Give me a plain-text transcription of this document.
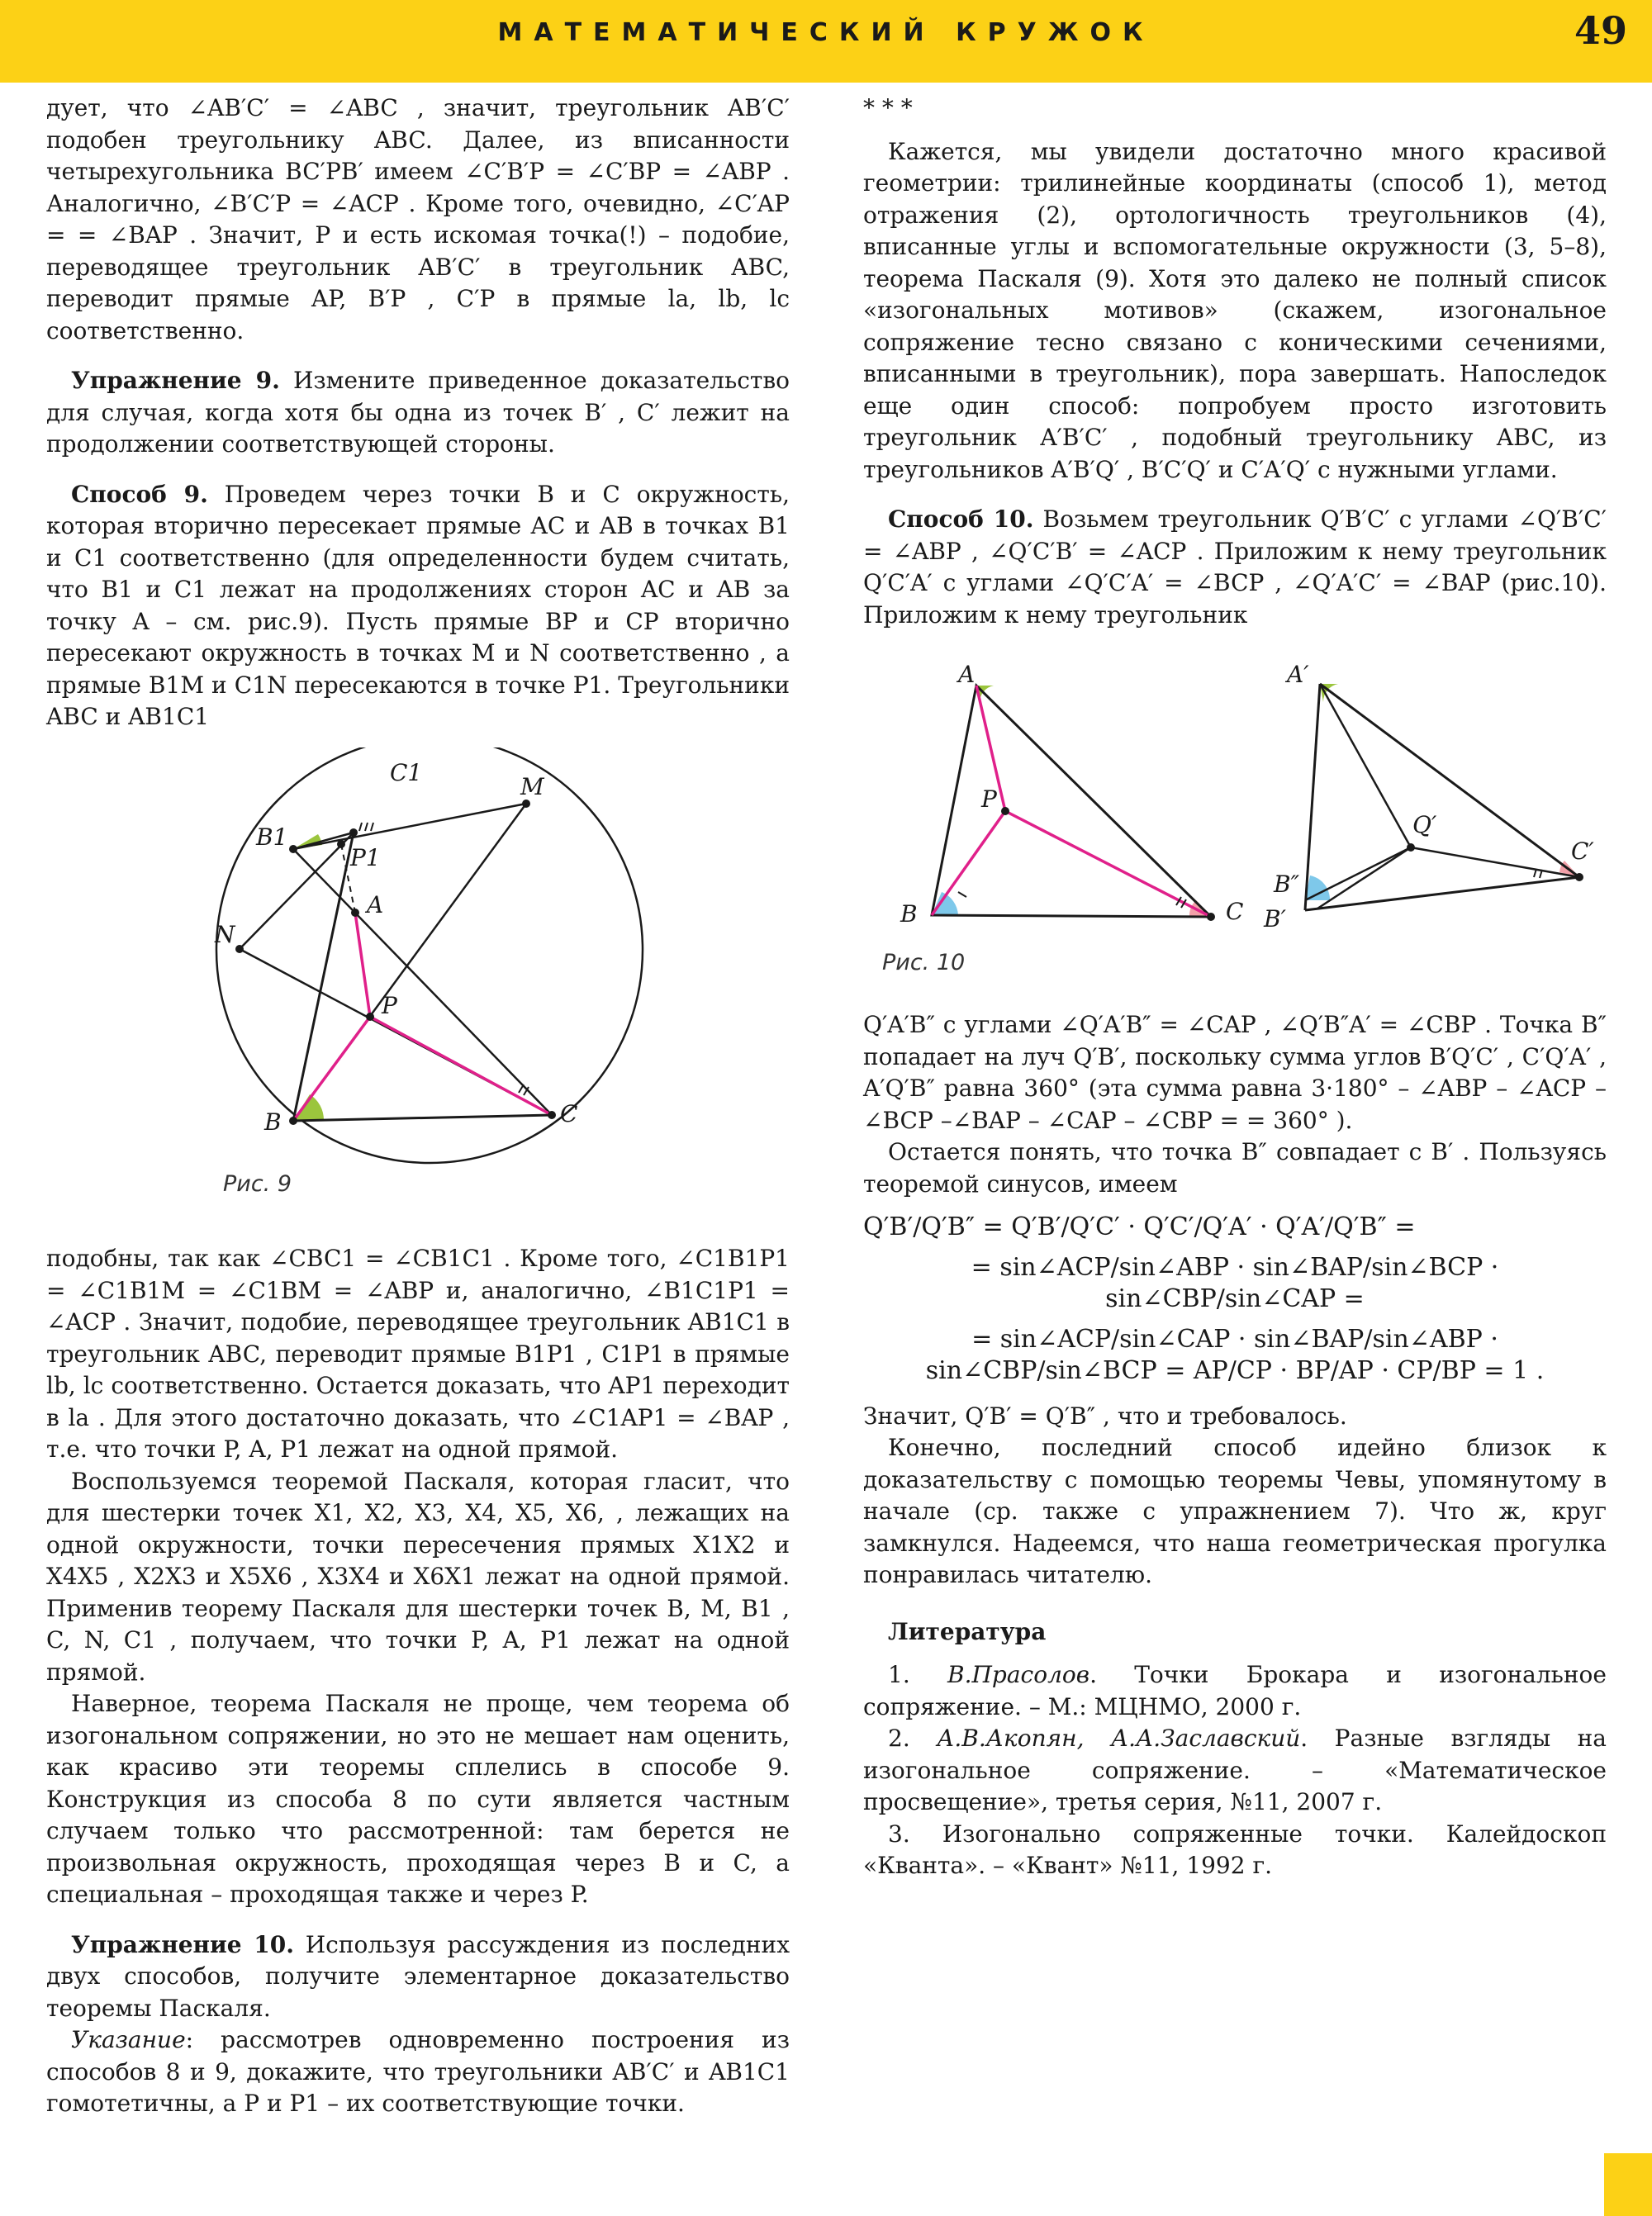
МАТЕМАТИЧЕСКИЙ КРУЖОК	49

дует, что ∠AB′C′ = ∠ABC , значит, треугольник AB′C′ подобен треугольнику ABC. Далее, из вписанности четырехугольника BC′PB′ имеем ∠C′B′P = ∠C′BP = ∠ABP . Аналогично, ∠B′C′P = ∠ACP . Кроме того, очевидно, ∠C′AP = = ∠BAP . Значит, P и есть искомая точка(!) – подобие, переводящее треугольник AB′C′ в треугольник ABC, переводит прямые AP, B′P , C′P в прямые la, lb, lc соответственно.

Упражнение 9. Измените приведенное доказательство для случая, когда хотя бы одна из точек B′ , C′ лежит на продолжении соответствующей стороны.

Способ 9. Проведем через точки B и C окружность, которая вторично пересекает прямые AC и AB в точках B1 и C1 соответственно (для определенности будем считать, что B1 и C1 лежат на продолжениях сторон AC и AB за точку A – см. рис.9). Пусть прямые BP и CP вторично пересекают окружность в точках M и N соответственно , а прямые B1M и C1N пересекаются в точке P1. Треугольники ABC и AB1C1

C1
M
B1
P1
A
N
P
B	C
Рис. 9

подобны, так как ∠CBC1 = ∠CB1C1 . Кроме того, ∠C1B1P1 = ∠C1B1M = ∠C1BM = ∠ABP и, аналогично, ∠B1C1P1 = ∠ACP . Значит, подобие, переводящее треугольник AB1C1 в треугольник ABC, переводит прямые B1P1 , C1P1 в прямые lb, lc соответственно. Остается доказать, что AP1 переходит в la . Для этого достаточно доказать, что ∠C1AP1 = ∠BAP , т.е. что точки P, A, P1 лежат на одной прямой.

Воспользуемся теоремой Паскаля, которая гласит, что для шестерки точек X1, X2, X3, X4, X5, X6, , лежащих на одной окружности, точки пересечения прямых X1X2 и X4X5 , X2X3 и X5X6 , X3X4 и X6X1 лежат на одной прямой. Применив теорему Паскаля для шестерки точек B, M, B1 , C, N, C1 , получаем, что точки P, A, P1 лежат на одной прямой.

Наверное, теорема Паскаля не проще, чем теорема об изогональном сопряжении, но это не мешает нам оценить, как красиво эти теоремы сплелись в способе 9. Конструкция из способа 8 по сути является частным случаем только что рассмотренной: там берется не произвольная окружность, проходящая через B и C, а специальная – проходящая также и через P.

Упражнение 10. Используя рассуждения из последних двух способов, получите элементарное доказательство теоремы Паскаля.

Указание: рассмотрев одновременно построения из способов 8 и 9, докажите, что треугольники AB′C′ и AB1C1 гомотетичны, а P и P1 – их соответствующие точки.

* * *

Кажется, мы увидели достаточно много красивой геометрии: трилинейные координаты (способ 1), метод отражения (2), ортологичность треугольников (4), вписанные углы и вспомогательные окружности (3, 5–8), теорема Паскаля (9). Хотя это далеко не полный список «изогональных мотивов» (скажем, изогональное сопряжение тесно связано с коническими сечениями, вписанными в треугольник), пора завершать. Напоследок еще один способ: попробуем просто изготовить треугольник A′B′C′ , подобный треугольнику ABC, из треугольников A′B′Q′ , B′C′Q′ и C′A′Q′ с нужными углами.

Способ 10. Возьмем треугольник Q′B′C′ с углами ∠Q′B′C′ = ∠ABP , ∠Q′C′B′ = ∠ACP . Приложим к нему треугольник Q′C′A′ с углами ∠Q′C′A′ = ∠BCP , ∠Q′A′C′ = ∠BAP (рис.10). Приложим к нему треугольник

A
P
B	C
A′
Q′
C′
B″
B′
Рис. 10

Q′A′B″ с углами ∠Q′A′B″ = ∠CAP , ∠Q′B″A′ = ∠CBP . Точка B″ попадает на луч Q′B′, поскольку сумма углов B′Q′C′ , C′Q′A′ , A′Q′B″ равна 360° (эта сумма равна 3·180° – ∠ABP – ∠ACP – ∠BCP –∠BAP – ∠CAP – ∠CBP = = 360° ).

Остается понять, что точка B″ совпадает с B′ . Пользуясь теоремой синусов, имеем

Q′B′/Q′B″ = Q′B′/Q′C′ · Q′C′/Q′A′ · Q′A′/Q′B″ =

= sin∠ACP/sin∠ABP · sin∠BAP/sin∠BCP · sin∠CBP/sin∠CAP =

= sin∠ACP/sin∠CAP · sin∠BAP/sin∠ABP · sin∠CBP/sin∠BCP = AP/CP · BP/AP · CP/BP = 1 .

Значит, Q′B′ = Q′B″ , что и требовалось.

Конечно, последний способ идейно близок к доказательству с помощью теоремы Чевы, упомянутому в начале (ср. также с упражнением 7). Что ж, круг замкнулся. Надеемся, что наша геометрическая прогулка понравилась читателю.

Литература

1. В.Прасолов. Точки Брокара и изогональное сопряжение. – М.: МЦНМО, 2000 г.

2. А.В.Акопян, А.А.Заславский. Разные взгляды на изогональное сопряжение. – «Математическое просвещение», третья серия, №11, 2007 г.

3. Изогонально сопряженные точки. Калейдоскоп «Кванта». – «Квант» №11, 1992 г.
